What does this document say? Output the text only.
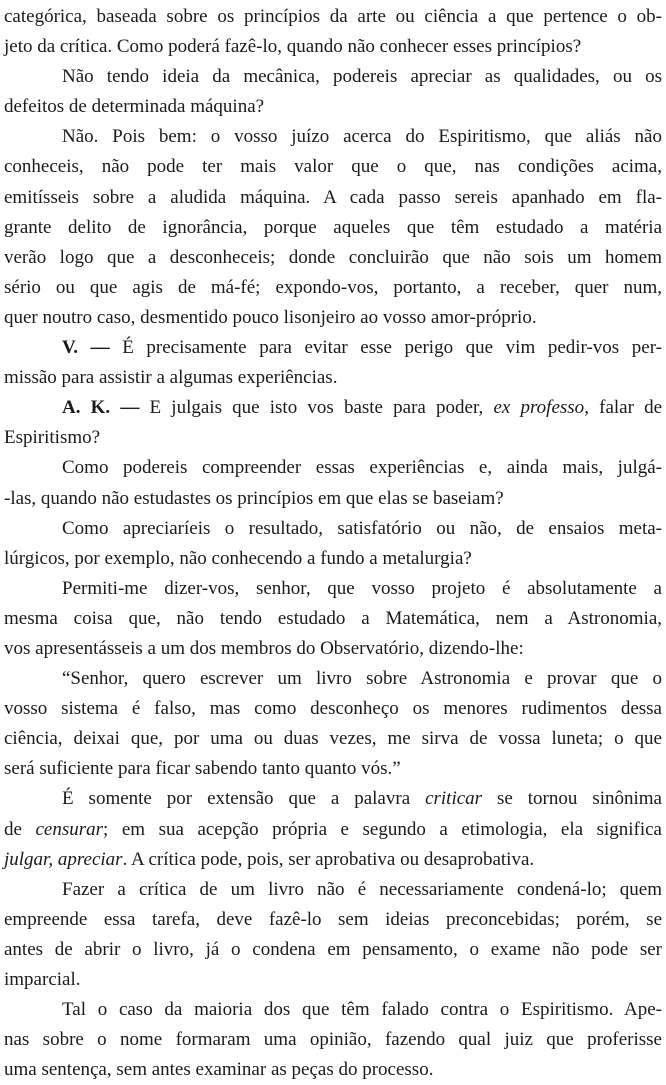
categórica, baseada sobre os princípios da arte ou ciência a que pertence o ob-
jeto da crítica. Como poderá fazê-lo, quando não conhecer esses princípios?
Não tendo ideia da mecânica, podereis apreciar as qualidades, ou os
defeitos de determinada máquina?
Não. Pois bem: o vosso juízo acerca do Espiritismo, que aliás não
conheceis, não pode ter mais valor que o que, nas condições acima,
emitísseis sobre a aludida máquina. A cada passo sereis apanhado em fla-
grante delito de ignorância, porque aqueles que têm estudado a matéria
verão logo que a desconheceis; donde concluirão que não sois um homem
sério ou que agis de má-fé; expondo-vos, portanto, a receber, quer num,
quer noutro caso, desmentido pouco lisonjeiro ao vosso amor-próprio.
V. — É precisamente para evitar esse perigo que vim pedir-vos per-
missão para assistir a algumas experiências.
A. K. — E julgais que isto vos baste para poder, ex professo, falar de
Espiritismo?
Como podereis compreender essas experiências e, ainda mais, julgá-
-las, quando não estudastes os princípios em que elas se baseiam?
Como apreciaríeis o resultado, satisfatório ou não, de ensaios meta-
lúrgicos, por exemplo, não conhecendo a fundo a metalurgia?
Permiti-me dizer-vos, senhor, que vosso projeto é absolutamente a
mesma coisa que, não tendo estudado a Matemática, nem a Astronomia,
vos apresentásseis a um dos membros do Observatório, dizendo-lhe:
“Senhor, quero escrever um livro sobre Astronomia e provar que o
vosso sistema é falso, mas como desconheço os menores rudimentos dessa
ciência, deixai que, por uma ou duas vezes, me sirva de vossa luneta; o que
será suficiente para ficar sabendo tanto quanto vós.”
É somente por extensão que a palavra criticar se tornou sinônima
de censurar; em sua acepção própria e segundo a etimologia, ela significa
julgar, apreciar. A crítica pode, pois, ser aprobativa ou desaprobativa.
Fazer a crítica de um livro não é necessariamente condená-lo; quem
empreende essa tarefa, deve fazê-lo sem ideias preconcebidas; porém, se
antes de abrir o livro, já o condena em pensamento, o exame não pode ser
imparcial.
Tal o caso da maioria dos que têm falado contra o Espiritismo. Ape-
nas sobre o nome formaram uma opinião, fazendo qual juiz que proferisse
uma sentença, sem antes examinar as peças do processo.
